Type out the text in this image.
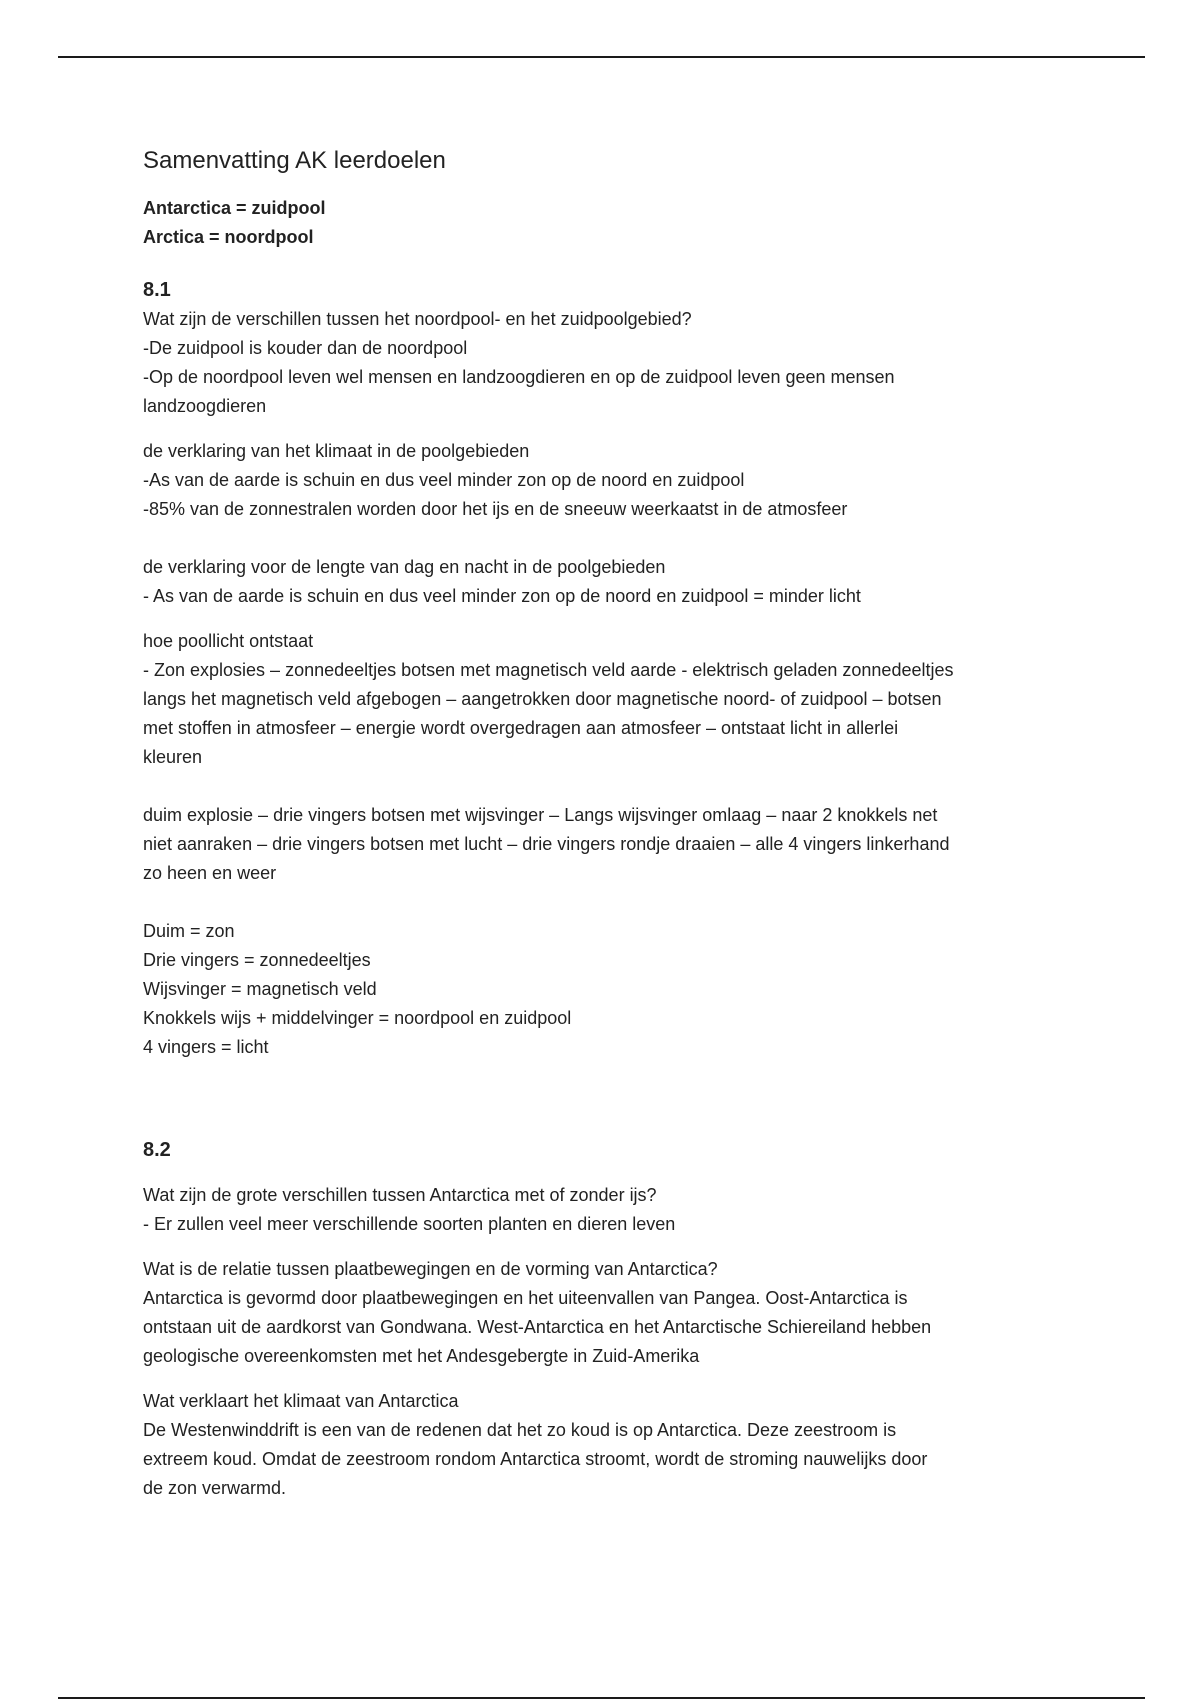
Samenvatting AK leerdoelen

Antarctica = zuidpool

Arctica = noordpool

8.1

Wat zijn de verschillen tussen het noordpool- en het zuidpoolgebied?

-De zuidpool is kouder dan de noordpool

-Op de noordpool leven wel mensen en landzoogdieren en op de zuidpool leven geen mensen

landzoogdieren

de verklaring van het klimaat in de poolgebieden

-As van de aarde is schuin en dus veel minder zon op de noord en zuidpool

-85% van de zonnestralen worden door het ijs en de sneeuw weerkaatst in de atmosfeer

de verklaring voor de lengte van dag en nacht in de poolgebieden

- As van de aarde is schuin en dus veel minder zon op de noord en zuidpool = minder licht

hoe poollicht ontstaat

- Zon explosies – zonnedeeltjes botsen met magnetisch veld aarde - elektrisch geladen zonnedeeltjes

langs het magnetisch veld afgebogen – aangetrokken door magnetische noord- of zuidpool – botsen

met stoffen in atmosfeer – energie wordt overgedragen aan atmosfeer – ontstaat licht in allerlei

kleuren

duim explosie – drie vingers botsen met wijsvinger – Langs wijsvinger omlaag – naar 2 knokkels net

niet aanraken – drie vingers botsen met lucht – drie vingers rondje draaien – alle 4 vingers linkerhand

zo heen en weer

Duim = zon

Drie vingers = zonnedeeltjes

Wijsvinger = magnetisch veld

Knokkels wijs + middelvinger = noordpool en zuidpool

4 vingers = licht

8.2

Wat zijn de grote verschillen tussen Antarctica met of zonder ijs?

- Er zullen veel meer verschillende soorten planten en dieren leven

Wat is de relatie tussen plaatbewegingen en de vorming van Antarctica?

Antarctica is gevormd door plaatbewegingen en het uiteenvallen van Pangea. Oost-Antarctica is

ontstaan uit de aardkorst van Gondwana. West-Antarctica en het Antarctische Schiereiland hebben

geologische overeenkomsten met het Andesgebergte in Zuid-Amerika

Wat verklaart het klimaat van Antarctica

De Westenwinddrift is een van de redenen dat het zo koud is op Antarctica. Deze zeestroom is

extreem koud. Omdat de zeestroom rondom Antarctica stroomt, wordt de stroming nauwelijks door

de zon verwarmd.
